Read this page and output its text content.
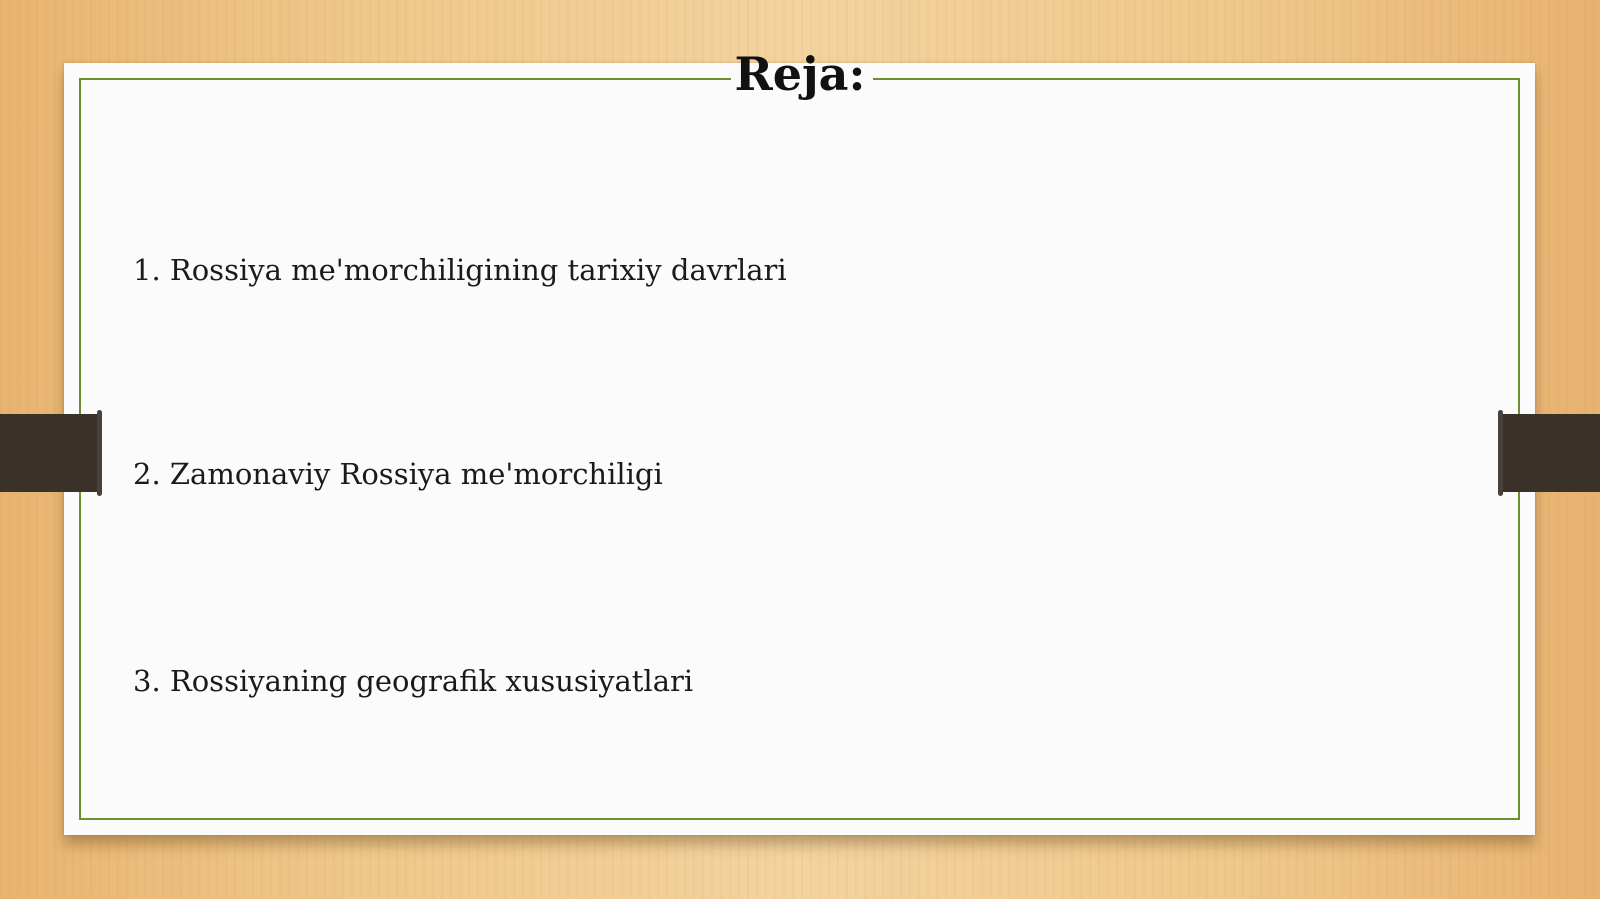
Reja:
1. Rossiya me'morchiligining tarixiy davrlari
2. Zamonaviy Rossiya me'morchiligi
3. Rossiyaning geografik xususiyatlari
